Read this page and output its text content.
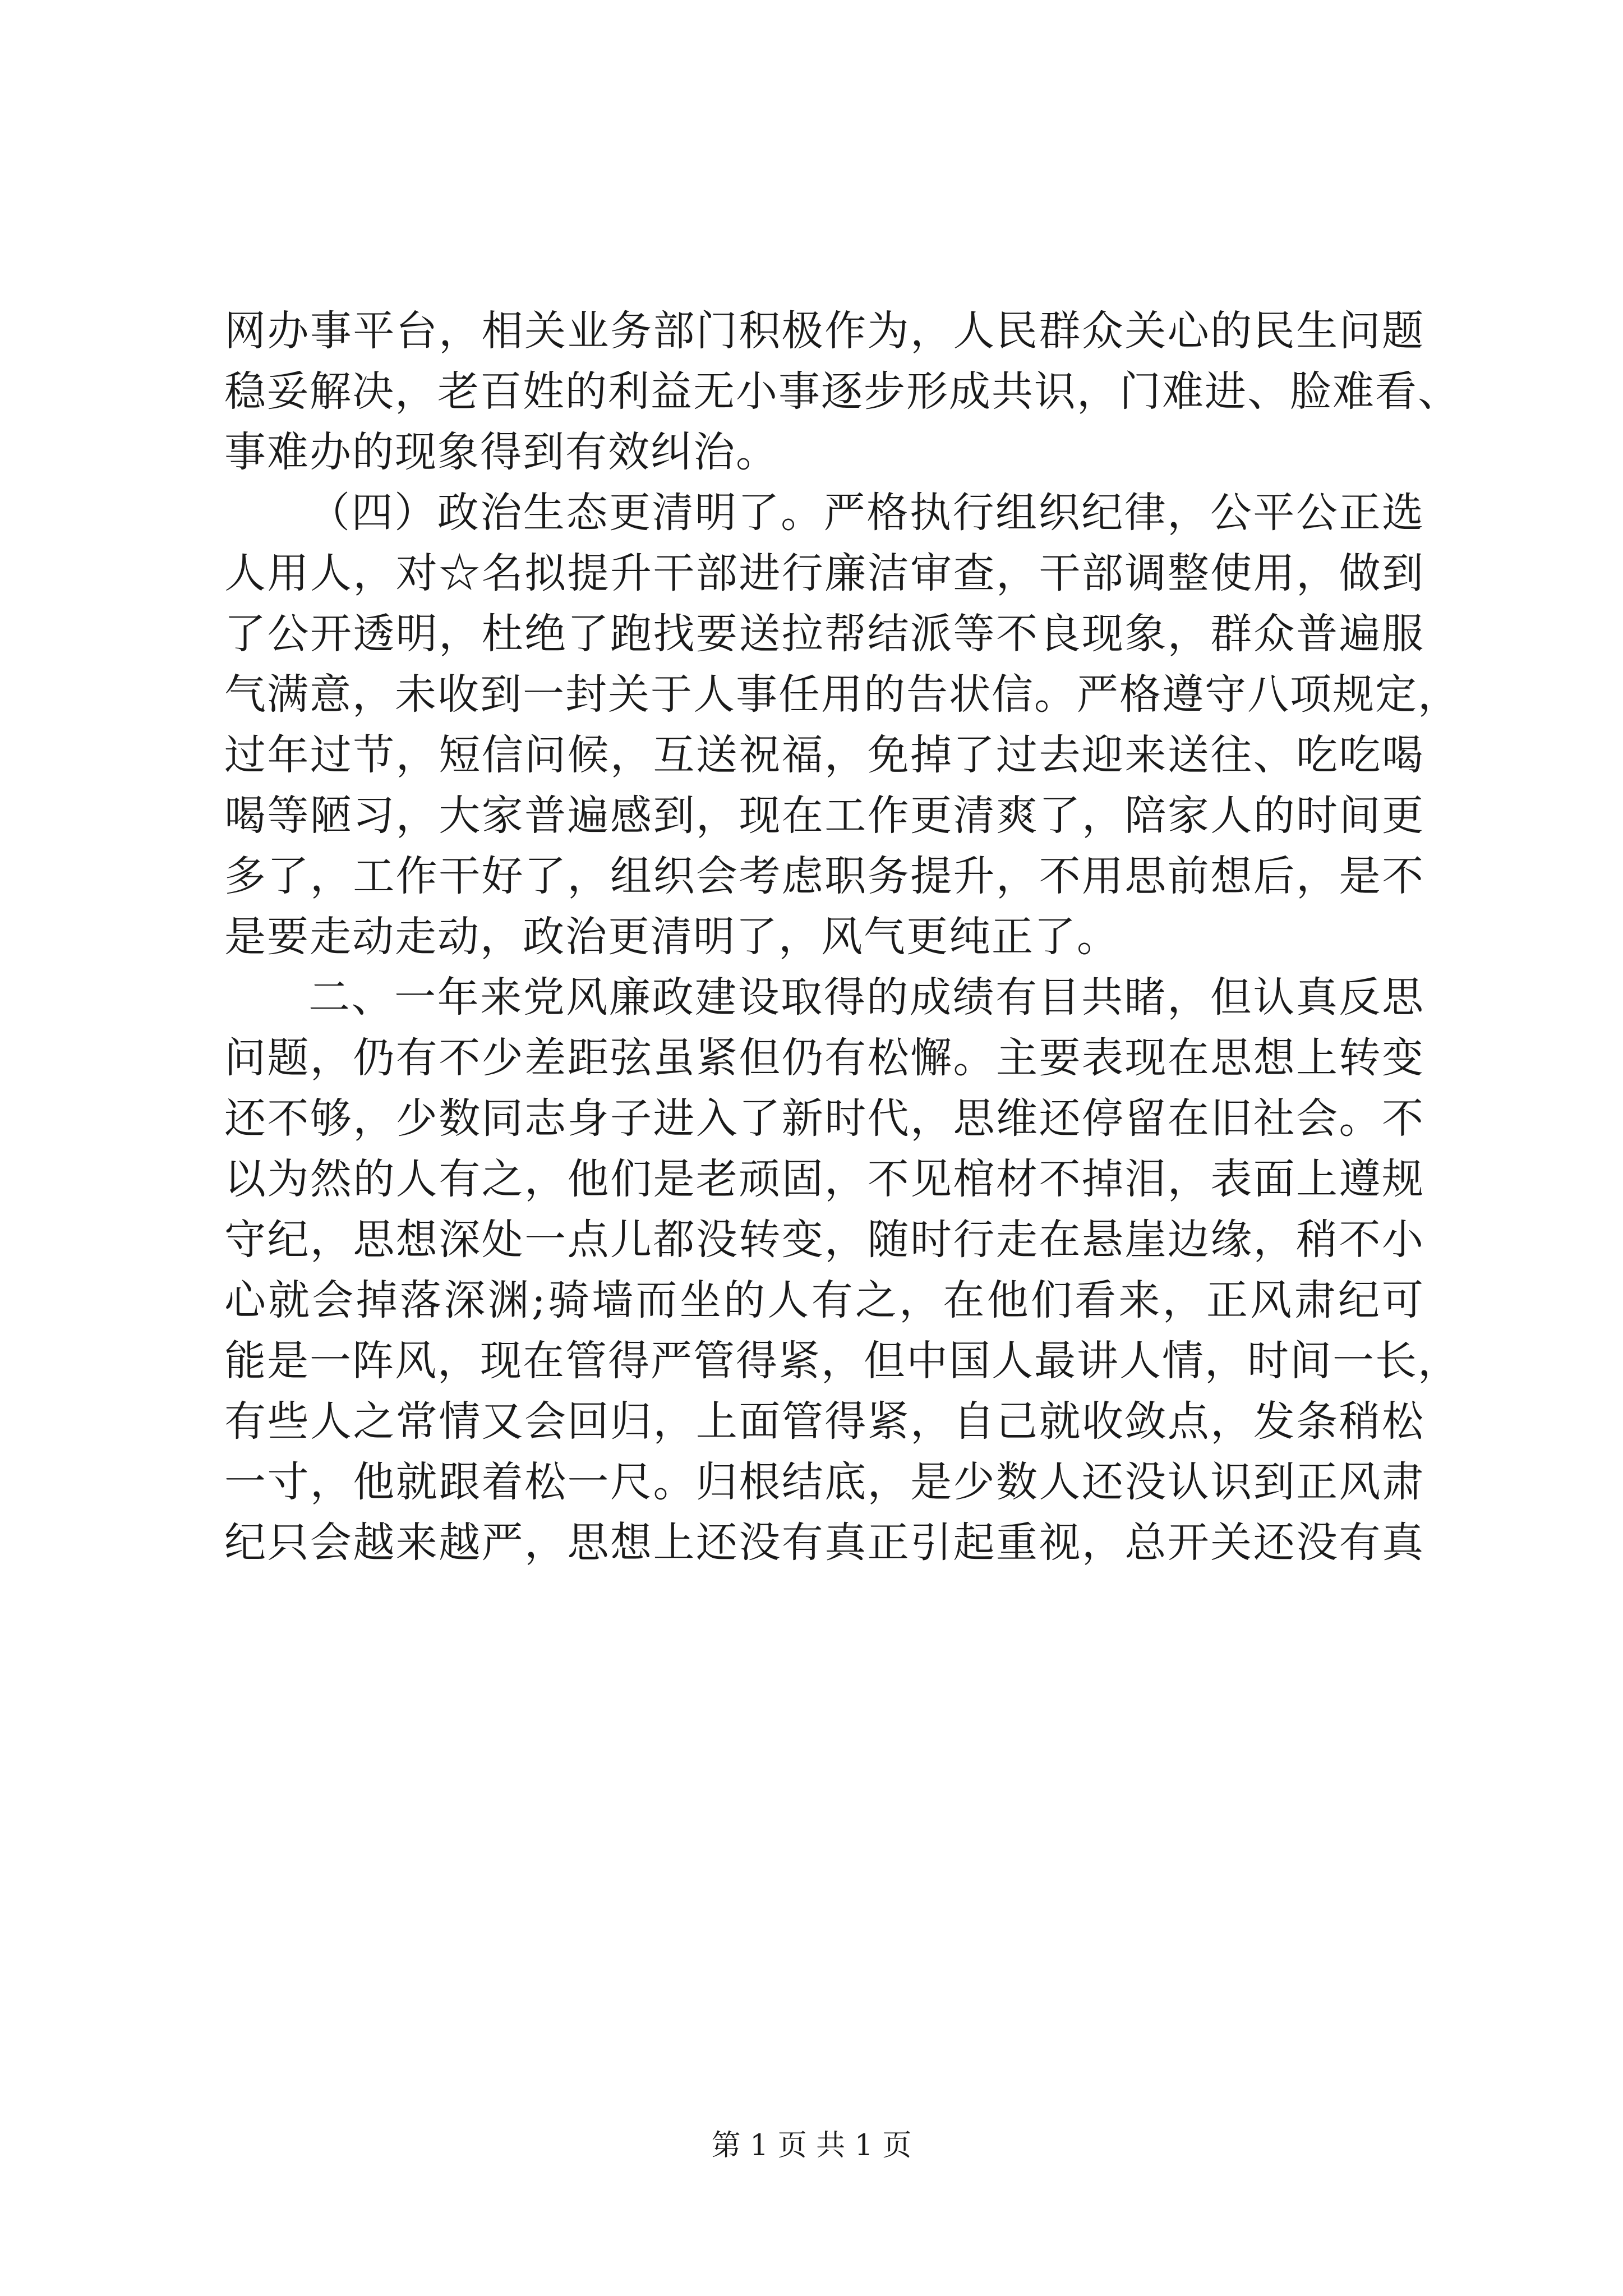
网办事平台，相关业务部门积极作为，人民群众关心的民生问题
稳妥解决，老百姓的利益无小事逐步形成共识，门难进、脸难看、
事难办的现象得到有效纠治。
（四）政治生态更清明了。严格执行组织纪律，公平公正选
人用人，对☆名拟提升干部进行廉洁审查，干部调整使用，做到
了公开透明，杜绝了跑找要送拉帮结派等不良现象，群众普遍服
气满意，未收到一封关于人事任用的告状信。严格遵守八项规定，
过年过节，短信问候，互送祝福，免掉了过去迎来送往、吃吃喝
喝等陋习，大家普遍感到，现在工作更清爽了，陪家人的时间更
多了，工作干好了，组织会考虑职务提升，不用思前想后，是不
是要走动走动，政治更清明了，风气更纯正了。
二、一年来党风廉政建设取得的成绩有目共睹，但认真反思
问题，仍有不少差距弦虽紧但仍有松懈。主要表现在思想上转变
还不够，少数同志身子进入了新时代，思维还停留在旧社会。不
以为然的人有之，他们是老顽固，不见棺材不掉泪，表面上遵规
守纪，思想深处一点儿都没转变，随时行走在悬崖边缘，稍不小
心就会掉落深渊;骑墙而坐的人有之，在他们看来，正风肃纪可
能是一阵风，现在管得严管得紧，但中国人最讲人情，时间一长，
有些人之常情又会回归，上面管得紧，自己就收敛点，发条稍松
一寸，他就跟着松一尺。归根结底，是少数人还没认识到正风肃
纪只会越来越严，思想上还没有真正引起重视，总开关还没有真
第 1 页 共 1 页
